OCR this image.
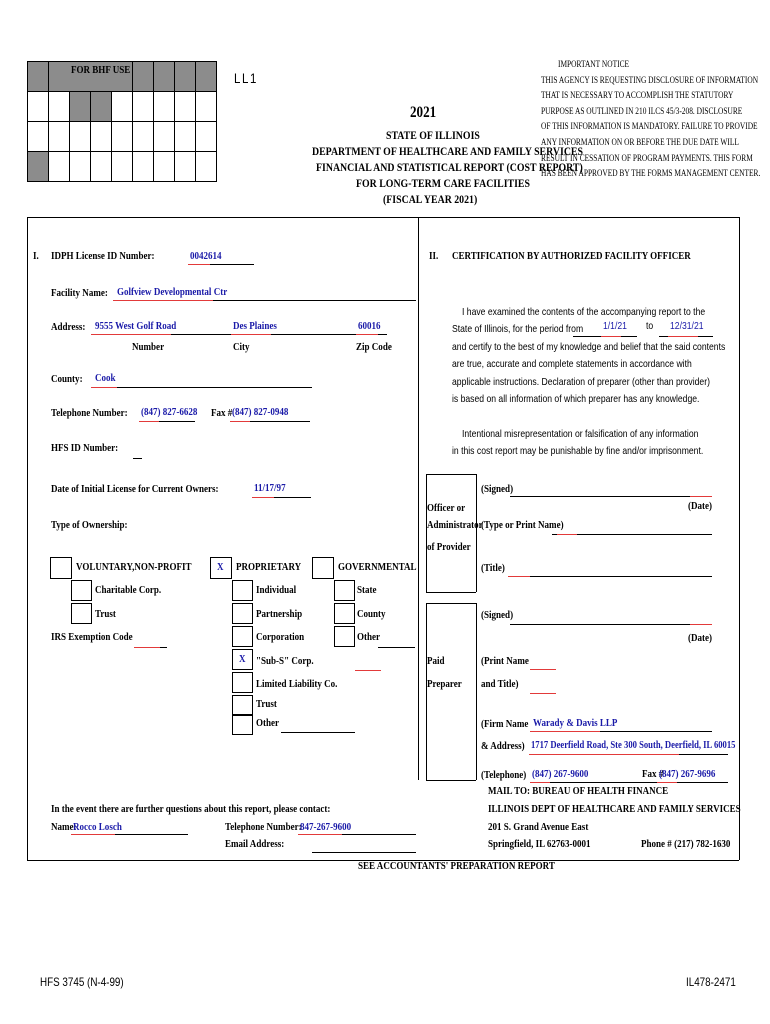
	FOR BHF USE							

									LL1
2021
STATE OF ILLINOIS
DEPARTMENT OF HEALTHCARE AND FAMILY SERVICES
FINANCIAL AND STATISTICAL REPORT (COST REPORT)
FOR LONG-TERM CARE FACILITIES
(FISCAL YEAR 2021)
IMPORTANT NOTICE
THIS AGENCY IS REQUESTING DISCLOSURE OF INFORMATION
THAT IS NECESSARY TO ACCOMPLISH THE STATUTORY
PURPOSE AS OUTLINED IN 210 ILCS 45/3-208. DISCLOSURE
OF THIS INFORMATION IS MANDATORY. FAILURE TO PROVIDE
ANY INFORMATION ON OR BEFORE THE DUE DATE WILL
RESULT IN CESSATION OF PROGRAM PAYMENTS. THIS FORM
HAS BEEN APPROVED BY THE FORMS MANAGEMENT CENTER.
I. IDPH License ID Number:	0042614
Facility Name: Golfview Developmental Ctr
Address: 9555 West Golf Road	Des Plaines	60016
Number	City	Zip Code
County: Cook
Telephone Number: (847) 827-6628 Fax # (847) 827-0948
HFS ID Number:
Date of Initial License for Current Owners:	11/17/97
Type of Ownership:
VOLUNTARY,NON-PROFIT
Charitable Corp.
Trust
IRS Exemption Code
X PROPRIETARY
Individual
Partnership
Corporation
X "Sub-S" Corp.
Limited Liability Co.
Trust
Other
GOVERNMENTAL
State
County
Other
In the event there are further questions about this report, please contact:
Name:
Rocco Losch	Telephone Number:
847-267-9600
Email Address:
II. CERTIFICATION BY AUTHORIZED FACILITY OFFICER
I have examined the contents of the accompanying report to the
State of Illinois, for the period from 1/1/21 to 12/31/21
and certify to the best of my knowledge and belief that the said contents
are true, accurate and complete statements in accordance with
applicable instructions. Declaration of preparer (other than provider)
is based on all information of which preparer has any knowledge.
Intentional misrepresentation or falsification of any information
in this cost report may be punishable by fine and/or imprisonment.
Officer or
Administrator
of Provider
(Signed)
(Date)
(Type or Print Name)
(Title)
Paid
Preparer
(Signed)
(Date)
(Print Name
and Title)
(Firm Name Warady & Davis LLP
& Address) 1717 Deerfield Road, Ste 300 South, Deerfield, IL 60015
(Telephone) (847) 267-9600	Fax #
(847) 267-9696
MAIL TO: BUREAU OF HEALTH FINANCE
ILLINOIS DEPT OF HEALTHCARE AND FAMILY SERVICES
201 S. Grand Avenue East
Springfield, IL 62763-0001	Phone # (217) 782-1630
SEE ACCOUNTANTS' PREPARATION REPORT
HFS 3745 (N-4-99)	IL478-2471
